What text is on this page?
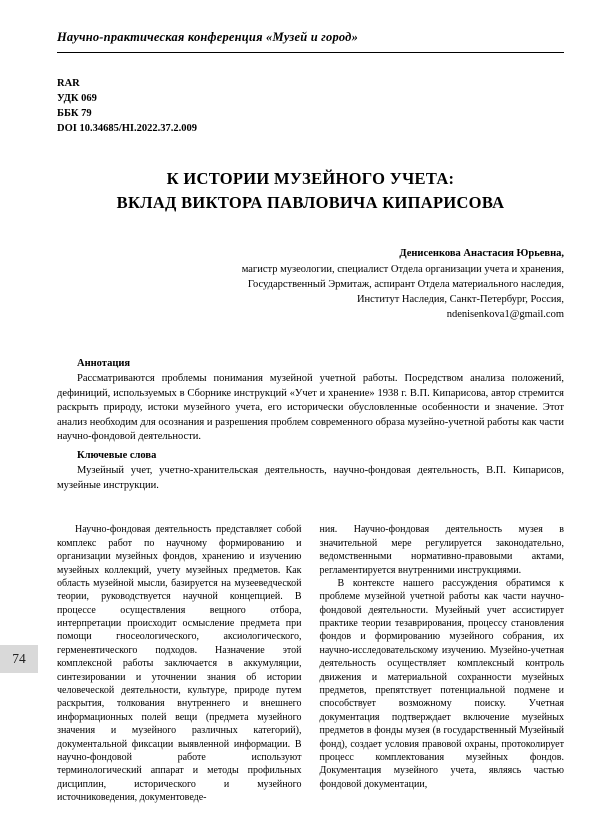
Научно-практическая конференция «Музей и город»
RAR
УДК 069
ББК 79
DOI 10.34685/HI.2022.37.2.009
К ИСТОРИИ МУЗЕЙНОГО УЧЕТА:
ВКЛАД ВИКТОРА ПАВЛОВИЧА КИПАРИСОВА
Денисенкова Анастасия Юрьевна,
магистр музеологии, специалист Отдела организации учета и хранения,
Государственный Эрмитаж, аспирант Отдела материального наследия,
Институт Наследия, Санкт-Петербург, Россия,
ndenisenkova1@gmail.com
Аннотация

Рассматриваются проблемы понимания музейной учетной работы. Посредством анализа положений, дефиниций, используемых в Сборнике инструкций «Учет и хранение» 1938 г. В.П. Кипарисова, автор стремится раскрыть природу, истоки музейного учета, его исторически обусловленные особенности и значение. Этот анализ необходим для осознания и разрешения проблем современного образа музейно-учетной работы как части научно-фондовой деятельности.

Ключевые слова

Музейный учет, учетно-хранительская деятельность, научно-фондовая деятельность, В.П. Кипарисов, музейные инструкции.

Научно-фондовая деятельность представляет собой комплекс работ по научному формированию и организации музейных фондов, хранению и изучению музейных коллекций, учету музейных предметов. Как область музейной мысли, базируется на музееведческой теории, руководствуется научной концепцией. В процессе осуществления вещного отбора, интерпретации происходит осмысление предмета при помощи гносеологического, аксиологического, герменевтического подходов. Назначение этой комплексной работы заключается в аккумуляции, синтезировании и уточнении знания об истории человеческой деятельности, культуре, природе путем раскрытия, толкования внутреннего и внешнего информационных полей вещи (предмета музейного значения и музейного различных категорий), документальной фиксации выявленной информации. В научно-фондовой работе используют терминологический аппарат и методы профильных дисциплин, исторического и музейного источниковедения, документоведе-

ния. Научно-фондовая деятельность музея в значительной мере регулируется законодательно, ведомственными нормативно-правовыми актами, регламентируется внутренними инструкциями.

В контексте нашего рассуждения обратимся к проблеме музейной учетной работы как части научно-фондовой деятельности. Музейный учет ассистирует практике теории тезаврирования, процессу становления фондов и формированию музейного собрания, их научно-исследовательскому изучению. Музейно-учетная деятельность осуществляет комплексный контроль движения и материальной сохранности музейных предметов, препятствует потенциальной подмене и способствует возможному поиску. Учетная документация подтверждает включение музейных предметов в фонды музея (в государственный Музейный фонд), создает условия правовой охраны, протоколирует процесс комплектования музейных фондов. Документация музейного учета, являясь частью фондовой документации,

74
